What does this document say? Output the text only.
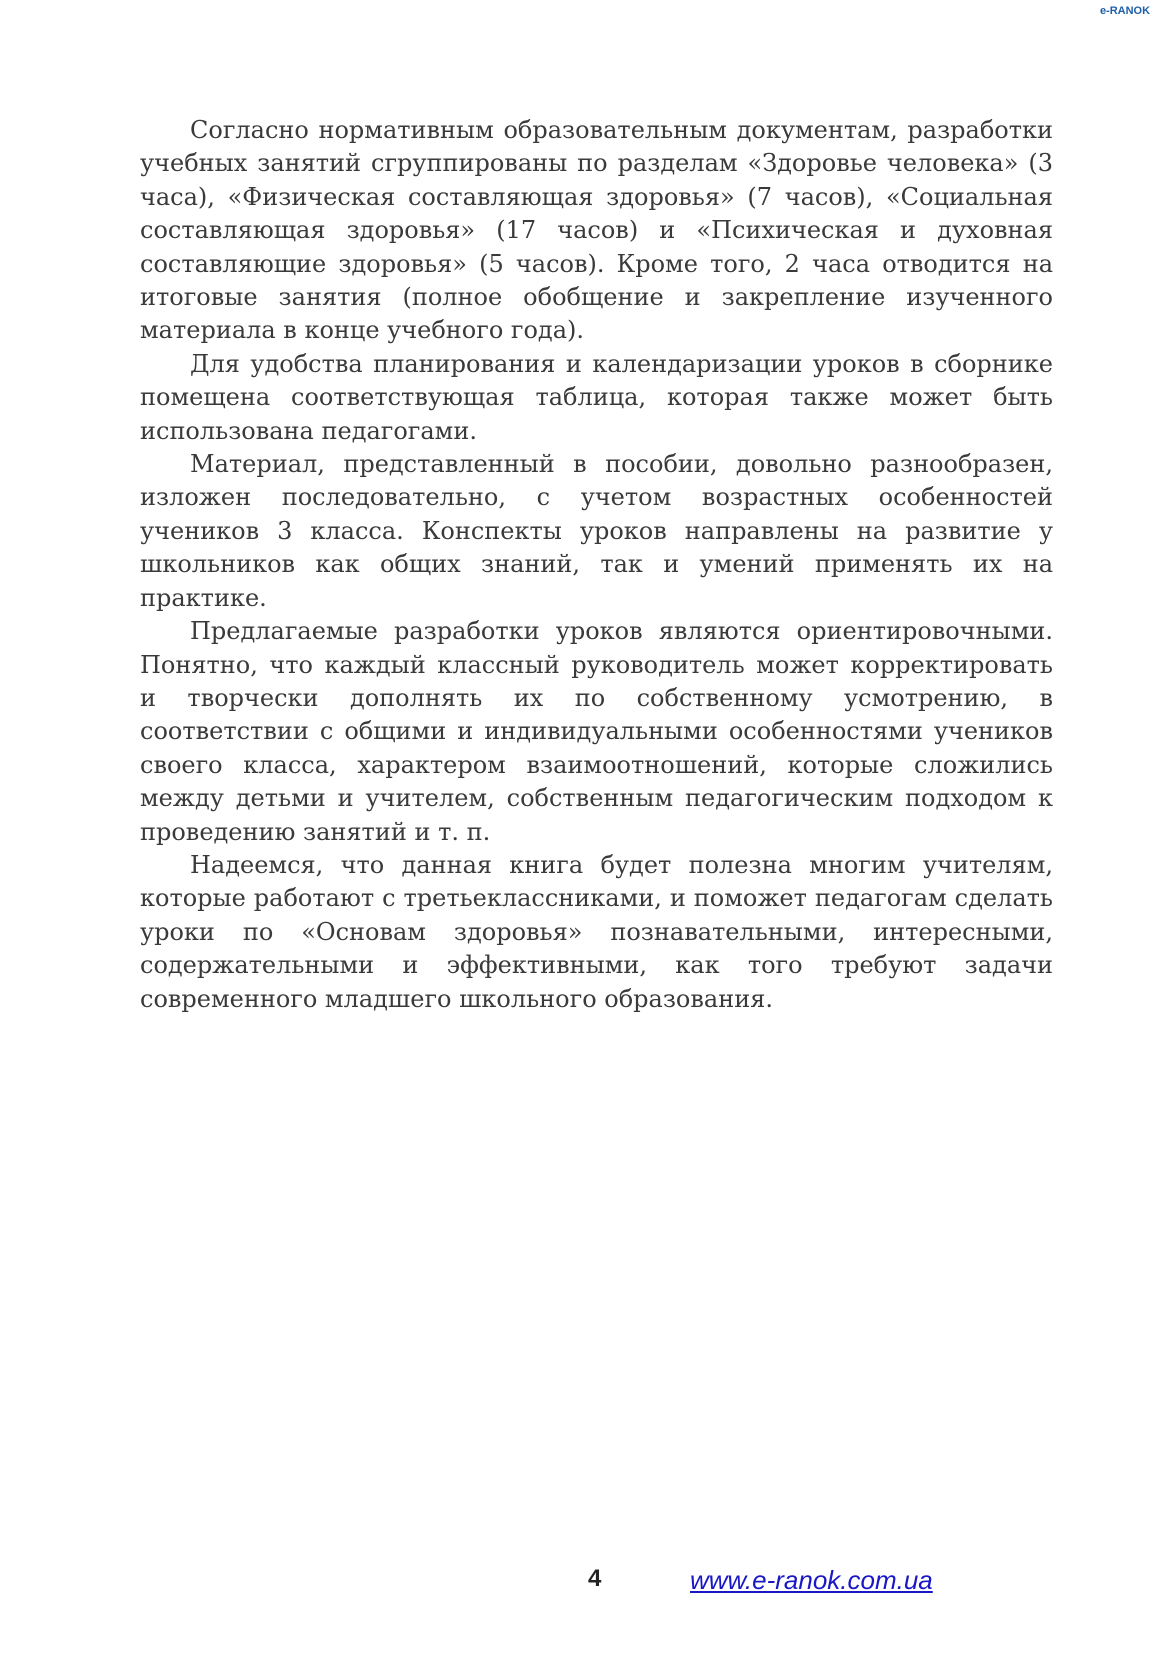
e-RANOK

Согласно нормативным образовательным документам, разработки учебных занятий сгруппированы по разделам «Здоровье человека» (3 часа), «Физическая составляющая здоровья» (7 часов), «Социальная составляющая здоровья» (17 часов) и «Психическая и духовная составляющие здоровья» (5 часов). Кроме того, 2 часа отводится на итоговые занятия (полное обобщение и закрепление изученного материала в конце учебного года).

Для удобства планирования и календаризации уроков в сборнике помещена соответствующая таблица, которая также может быть использована педагогами.

Материал, представленный в пособии, довольно разнообразен, изложен последовательно, с учетом возрастных особенностей учеников 3 класса. Конспекты уроков направлены на развитие у школьников как общих знаний, так и умений применять их на практике.

Предлагаемые разработки уроков являются ориентировочными. Понятно, что каждый классный руководитель может корректировать и творчески дополнять их по собственному усмотрению, в соответствии с общими и индивидуальными особенностями учеников своего класса, характером взаимоотношений, которые сложились между детьми и учителем, собственным педагогическим подходом к проведению занятий и т. п.

Надеемся, что данная книга будет полезна многим учителям, которые работают с третьеклассниками, и поможет педагогам сделать уроки по «Основам здоровья» познавательными, интересными, содержательными и эффективными, как того требуют задачи современного младшего школьного образования.

4	www.e-ranok.com.ua
